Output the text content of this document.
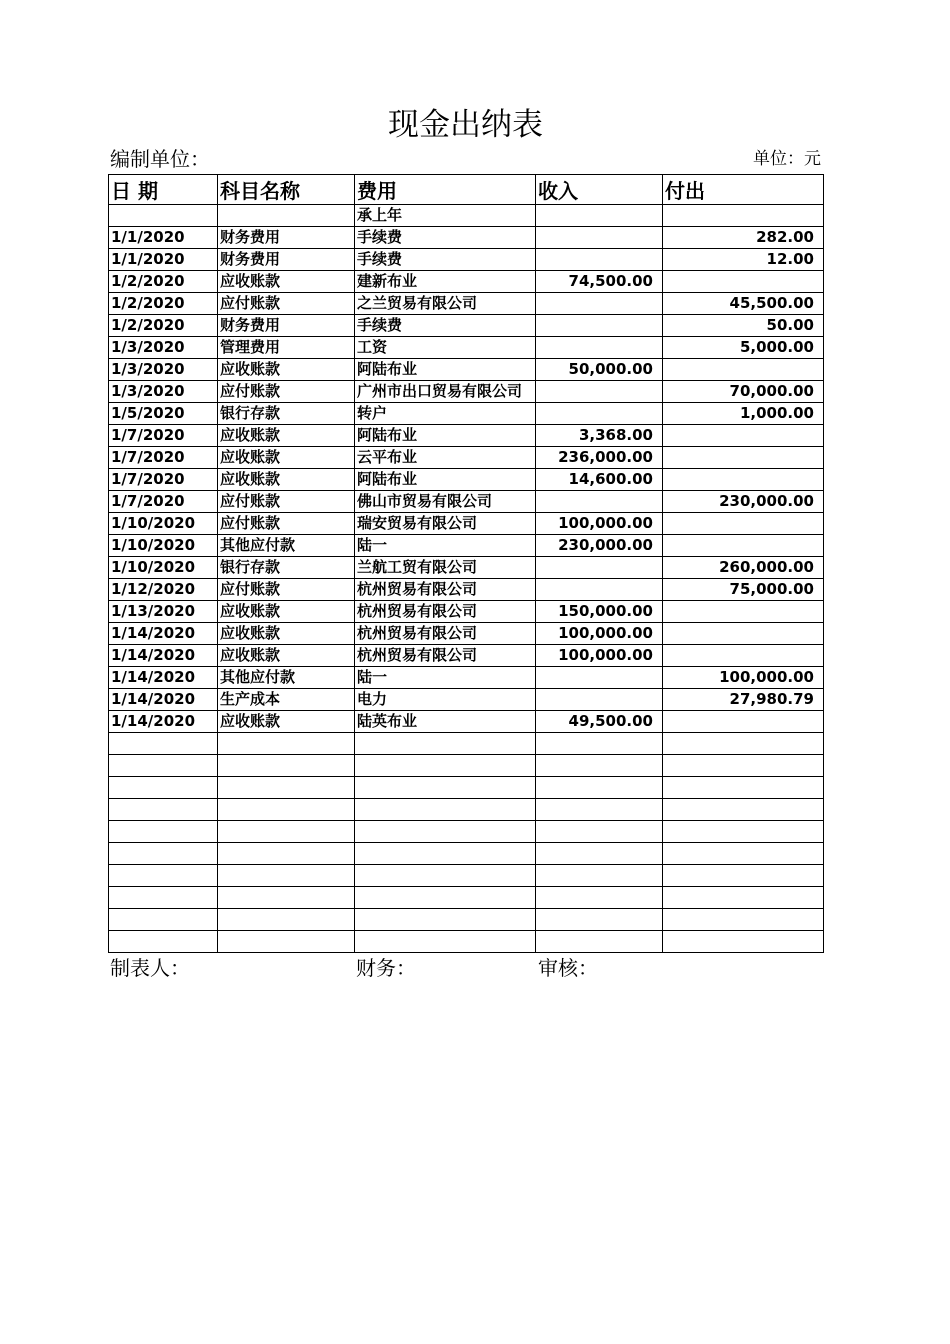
现金出纳表
编制单位：	单位：元
日 期	科目名称	费用	收入	付出
		承上年		
1/1/2020	财务费用	手续费		282.00
1/1/2020	财务费用	手续费		12.00
1/2/2020	应收账款	建新布业	74,500.00	
1/2/2020	应付账款	之兰贸易有限公司		45,500.00
1/2/2020	财务费用	手续费		50.00
1/3/2020	管理费用	工资		5,000.00
1/3/2020	应收账款	阿陆布业	50,000.00	
1/3/2020	应付账款	广州市出口贸易有限公司		70,000.00
1/5/2020	银行存款	转户		1,000.00
1/7/2020	应收账款	阿陆布业	3,368.00	
1/7/2020	应收账款	云平布业	236,000.00	
1/7/2020	应收账款	阿陆布业	14,600.00	
1/7/2020	应付账款	佛山市贸易有限公司		230,000.00
1/10/2020	应付账款	瑞安贸易有限公司	100,000.00	
1/10/2020	其他应付款	陆一	230,000.00	
1/10/2020	银行存款	兰航工贸有限公司		260,000.00
1/12/2020	应付账款	杭州贸易有限公司		75,000.00
1/13/2020	应收账款	杭州贸易有限公司	150,000.00	
1/14/2020	应收账款	杭州贸易有限公司	100,000.00	
1/14/2020	应收账款	杭州贸易有限公司	100,000.00	
1/14/2020	其他应付款	陆一		100,000.00
1/14/2020	生产成本	电力		27,980.79
1/14/2020	应收账款	陆英布业	49,500.00	

制表人：	财务：	审核：
